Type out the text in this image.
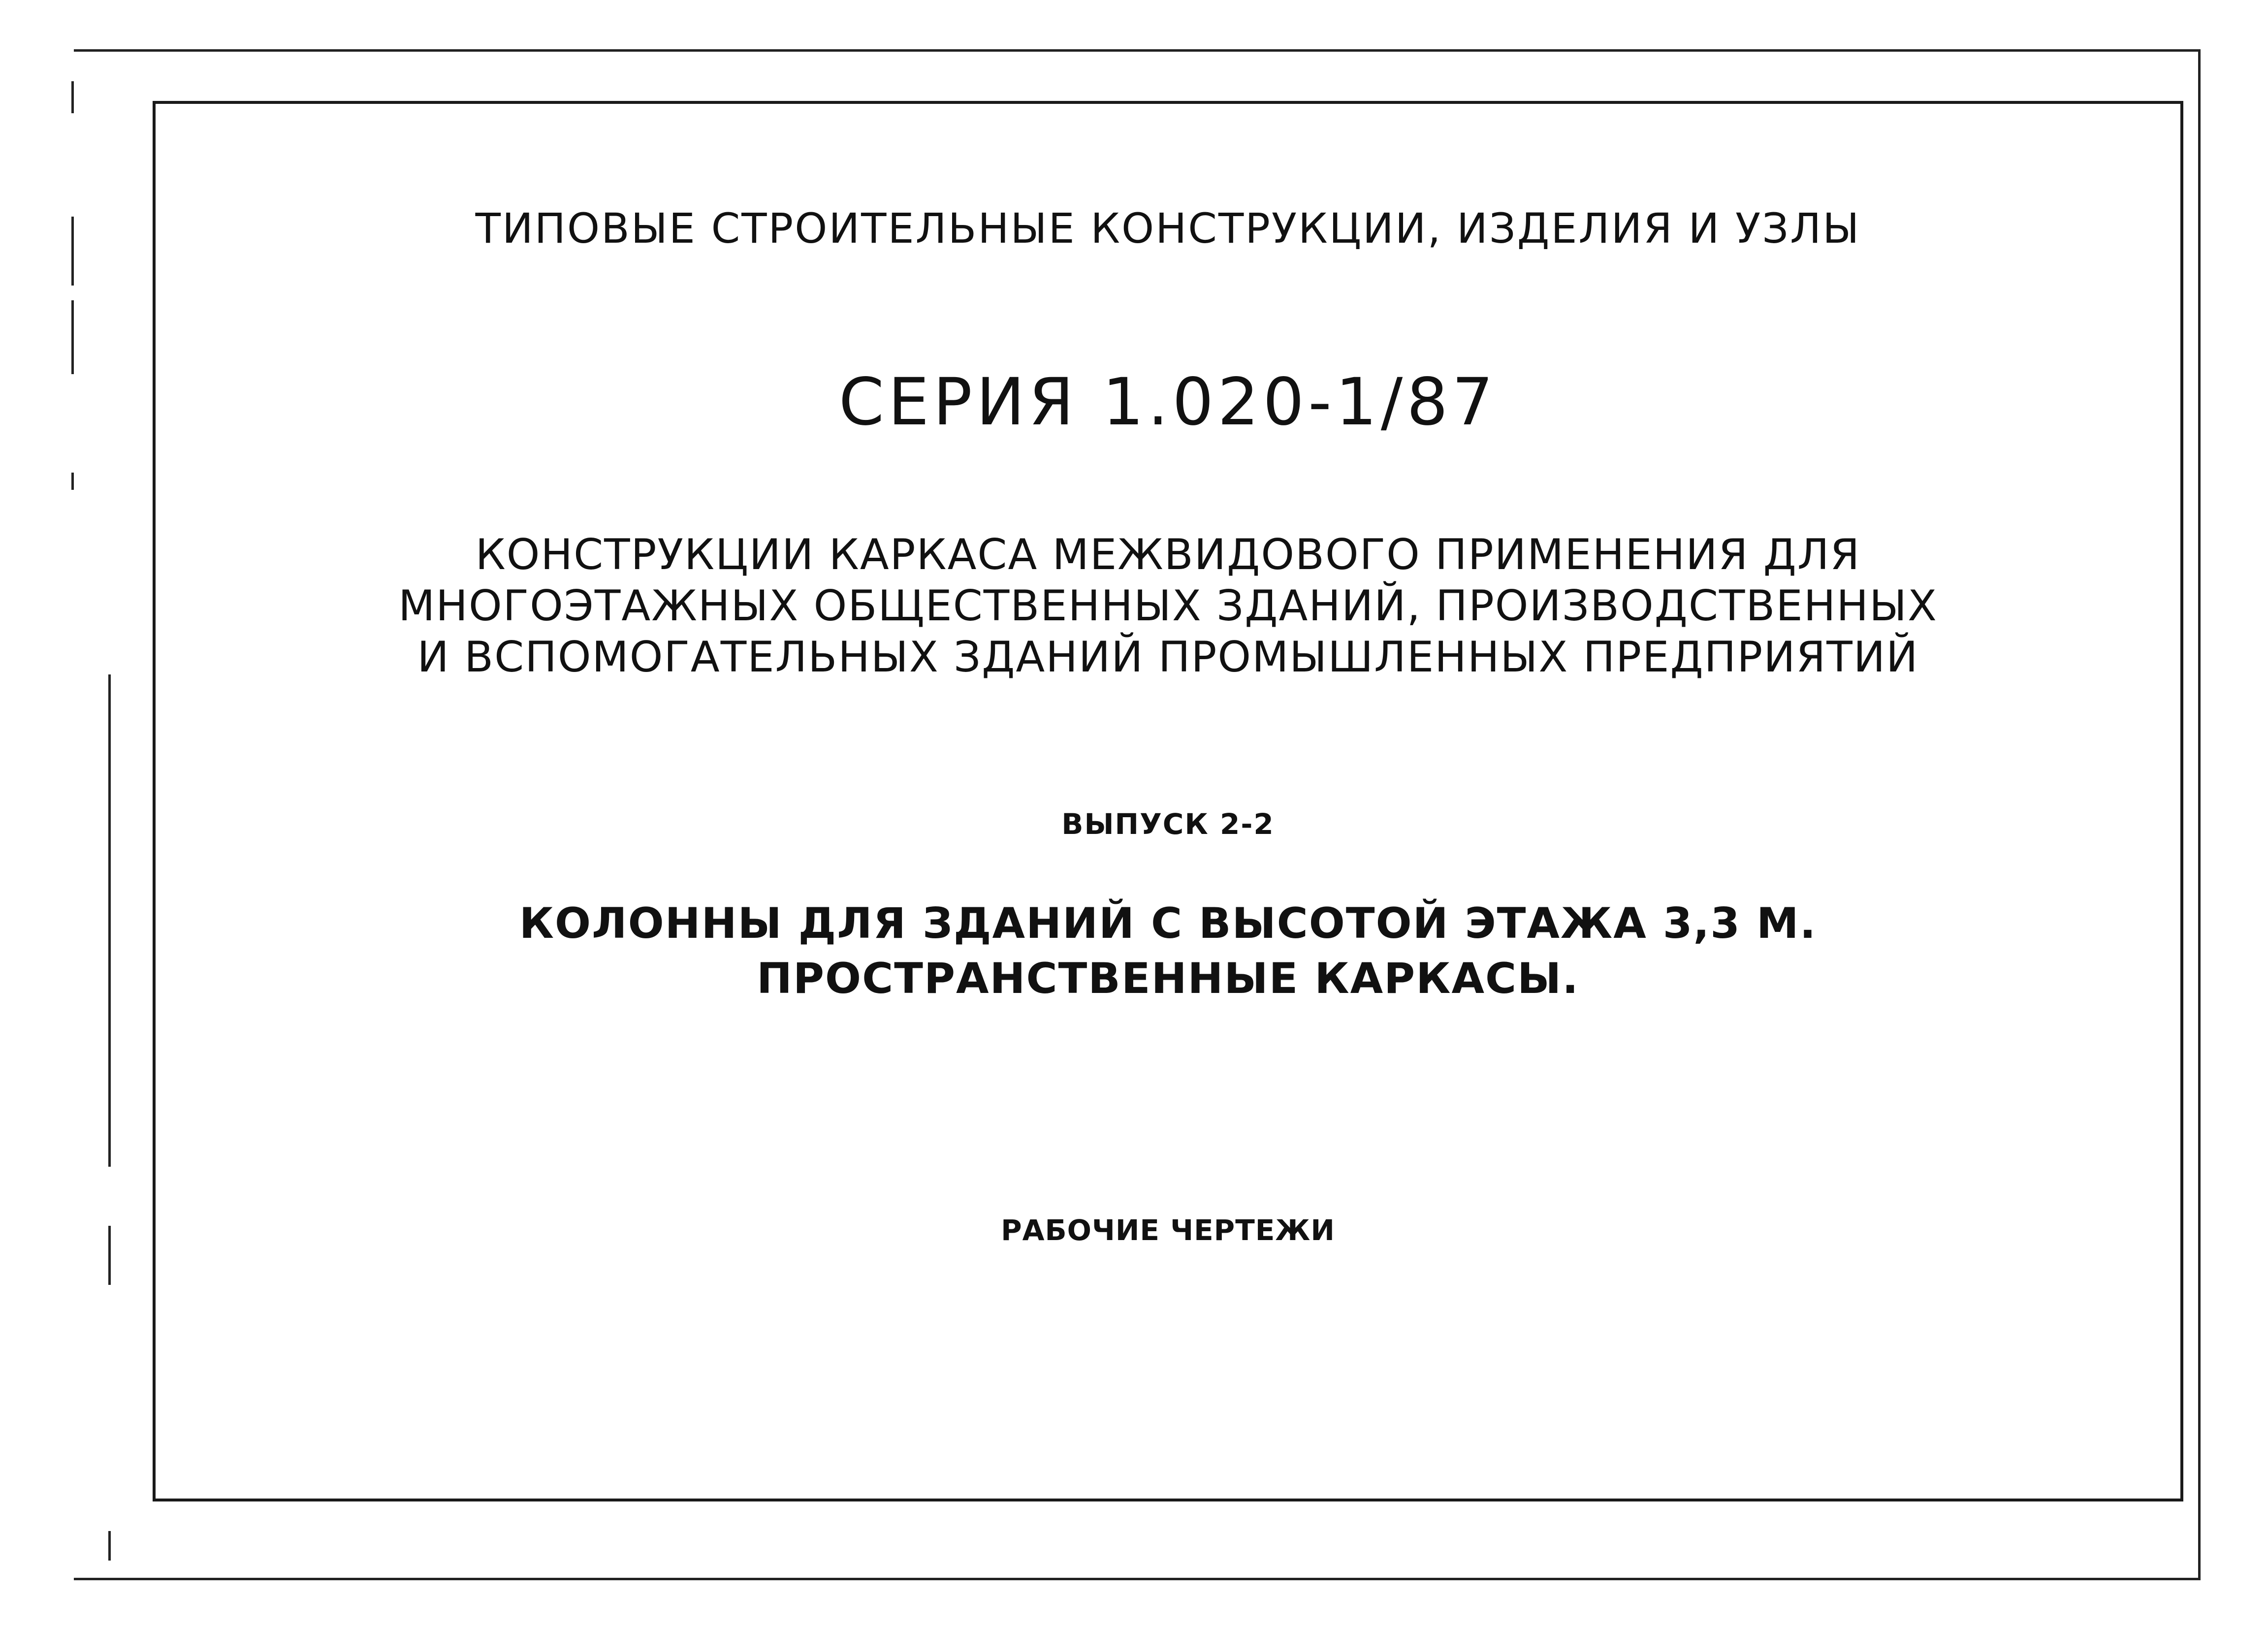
ТИПОВЫЕ СТРОИТЕЛЬНЫЕ КОНСТРУКЦИИ, ИЗДЕЛИЯ И УЗЛЫ
СЕРИЯ 1.020-1/87
КОНСТРУКЦИИ КАРКАСА МЕЖВИДОВОГО ПРИМЕНЕНИЯ ДЛЯ
МНОГОЭТАЖНЫХ ОБЩЕСТВЕННЫХ ЗДАНИЙ, ПРОИЗВОДСТВЕННЫХ
И ВСПОМОГАТЕЛЬНЫХ ЗДАНИЙ ПРОМЫШЛЕННЫХ ПРЕДПРИЯТИЙ
ВЫПУСК 2-2
КОЛОННЫ ДЛЯ ЗДАНИЙ С ВЫСОТОЙ ЭТАЖА 3,3 М.
ПРОСТРАНСТВЕННЫЕ КАРКАСЫ.
РАБОЧИЕ ЧЕРТЕЖИ
